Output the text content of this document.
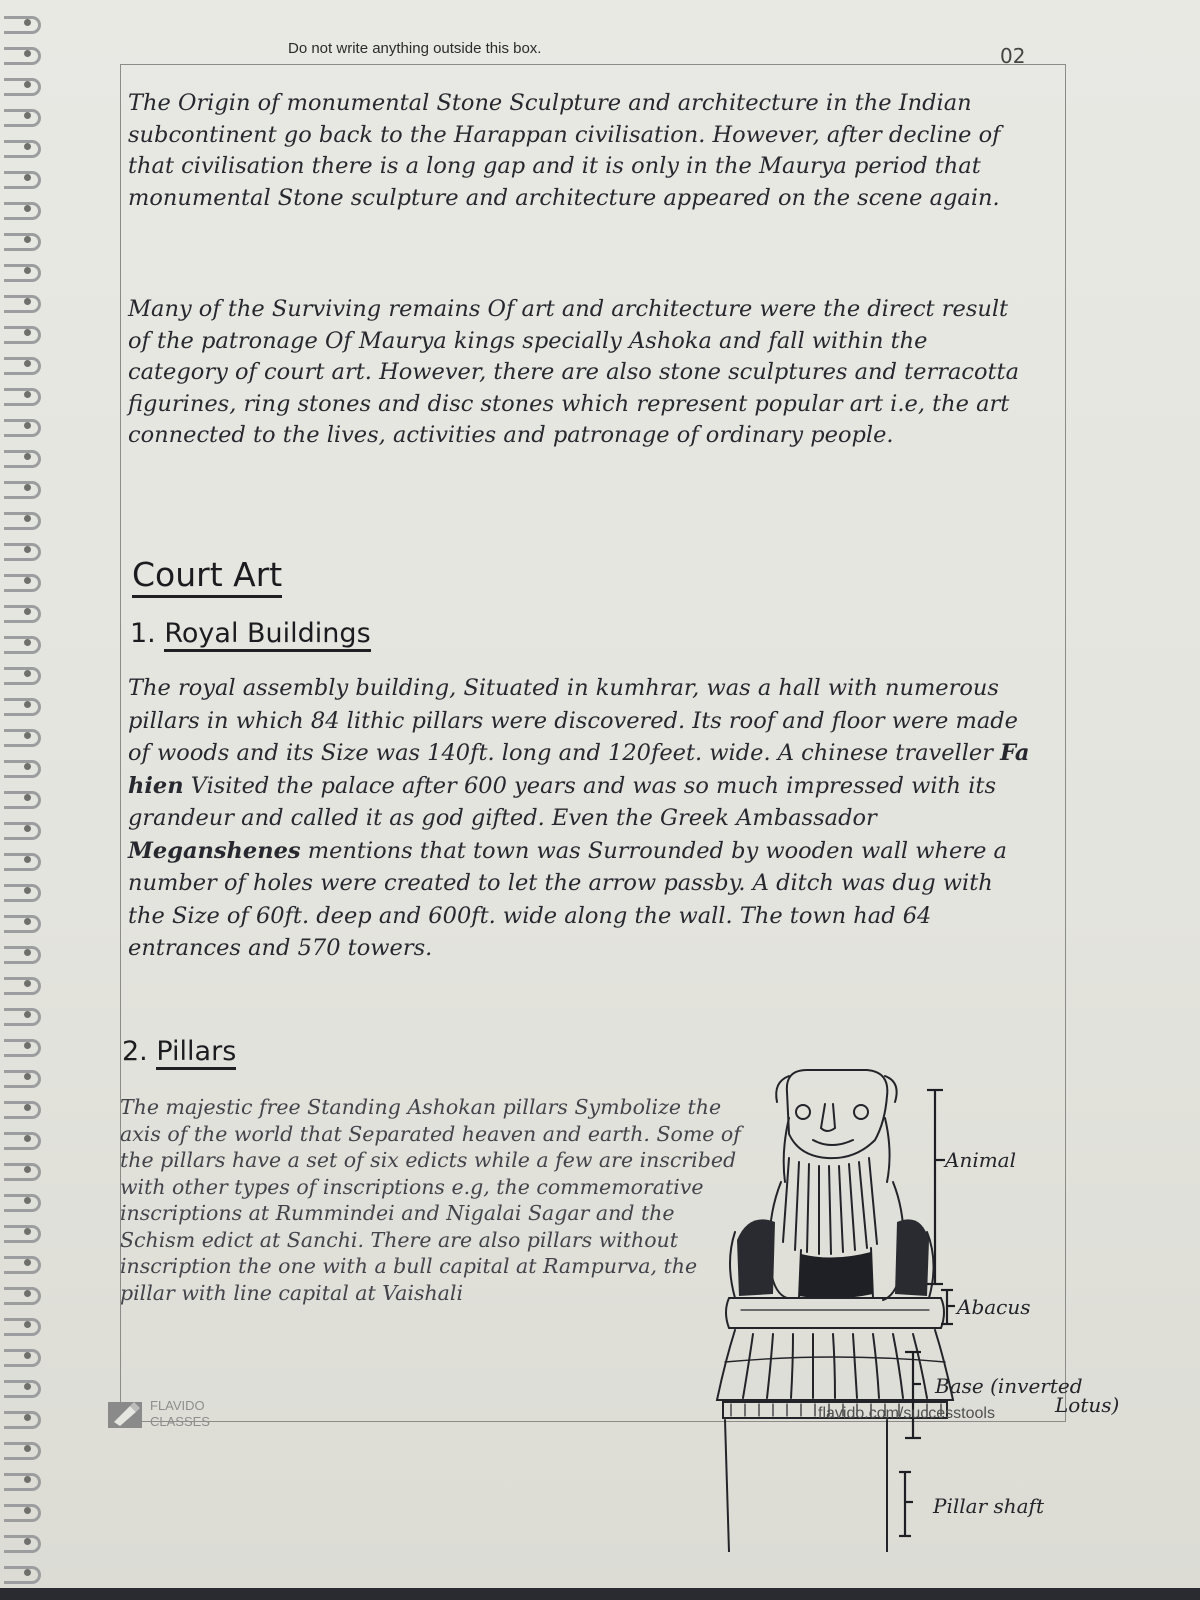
Do not write anything outside this box.	02

The Origin of monumental Stone Sculpture and architecture in the Indian subcontinent go back to the Harappan civilisation. However, after decline of that civilisation there is a long gap and it is only in the Maurya period that monumental Stone sculpture and architecture appeared on the scene again.

Many of the Surviving remains Of art and architecture were the direct result of the patronage Of Maurya kings specially Ashoka and fall within the category of court art. However, there are also stone sculptures and terracotta figurines, ring stones and disc stones which represent popular art i.e, the art connected to the lives, activities and patronage of ordinary people.

Court Art
1. Royal Buildings

The royal assembly building, Situated in kumhrar, was a hall with numerous pillars in which 84 lithic pillars were discovered. Its roof and floor were made of woods and its Size was 140ft. long and 120feet. wide. A chinese traveller Fa hien Visited the palace after 600 years and was so much impressed with its grandeur and called it as god gifted. Even the Greek Ambassador Meganshenes mentions that town was Surrounded by wooden wall where a number of holes were created to let the arrow passby. A ditch was dug with the Size of 60ft. deep and 600ft. wide along the wall. The town had 64 entrances and 570 towers.

2. Pillars

The majestic free Standing Ashokan pillars Symbolize the axis of the world that Separated heaven and earth. Some of the pillars have a set of six edicts while a few are inscribed with other types of inscriptions e.g, the commemorative inscriptions at Rummindei and Nigalai Sagar and the Schism edict at Sanchi. There are also pillars without inscription the one with a bull capital at Rampurva, the pillar with line capital at Vaishali

Animal
Abacus
Base (inverted
Lotus)
Pillar shaft
FLAVIDO
CLASSES	flavido.com/successtools
